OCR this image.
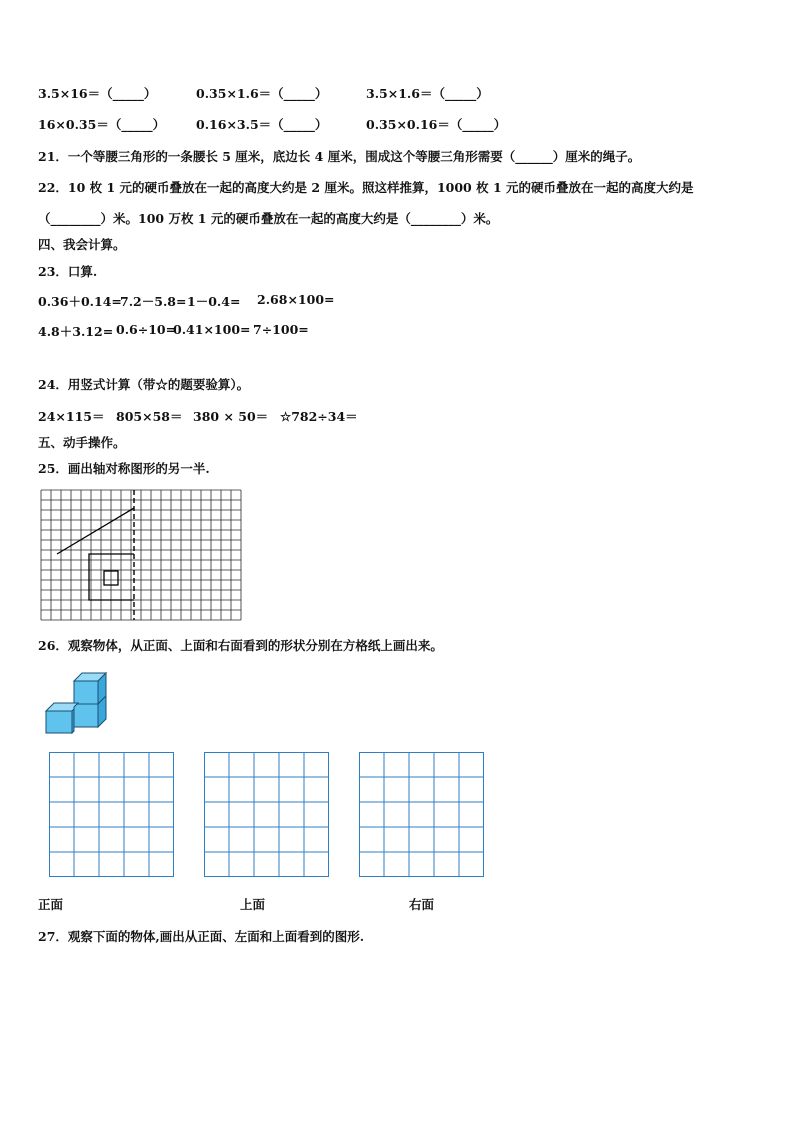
3.5×16＝（_____）	0.35×1.6＝（_____）	3.5×1.6＝（_____）
16×0.35＝（_____） 0.16×3.5＝（_____）	0.35×0.16＝（_____）
21．一个等腰三角形的一条腰长 5 厘米，底边长 4 厘米，围成这个等腰三角形需要（______）厘米的绳子。
22．10 枚 1 元的硬币叠放在一起的高度大约是 2 厘米。照这样推算，1000 枚 1 元的硬币叠放在一起的高度大约是
（________）米。100 万枚 1 元的硬币叠放在一起的高度大约是（________）米。
四、我会计算。
23．口算.
0.36＋0.14=
7.2－5.8= 1－0.4= 2.68×100=
4.8＋3.12= 0.6÷10=
0.41×100= 7÷100=
24．用竖式计算（带☆的题要验算）。
24×115＝ 805×58＝ 380 × 50＝ ☆782÷34＝
五、动手操作。
25．画出轴对称图形的另一半.
26．观察物体，从正面、上面和右面看到的形状分别在方格纸上画出来。
正面	上面	右面
27．观察下面的物体,画出从正面、左面和上面看到的图形.
